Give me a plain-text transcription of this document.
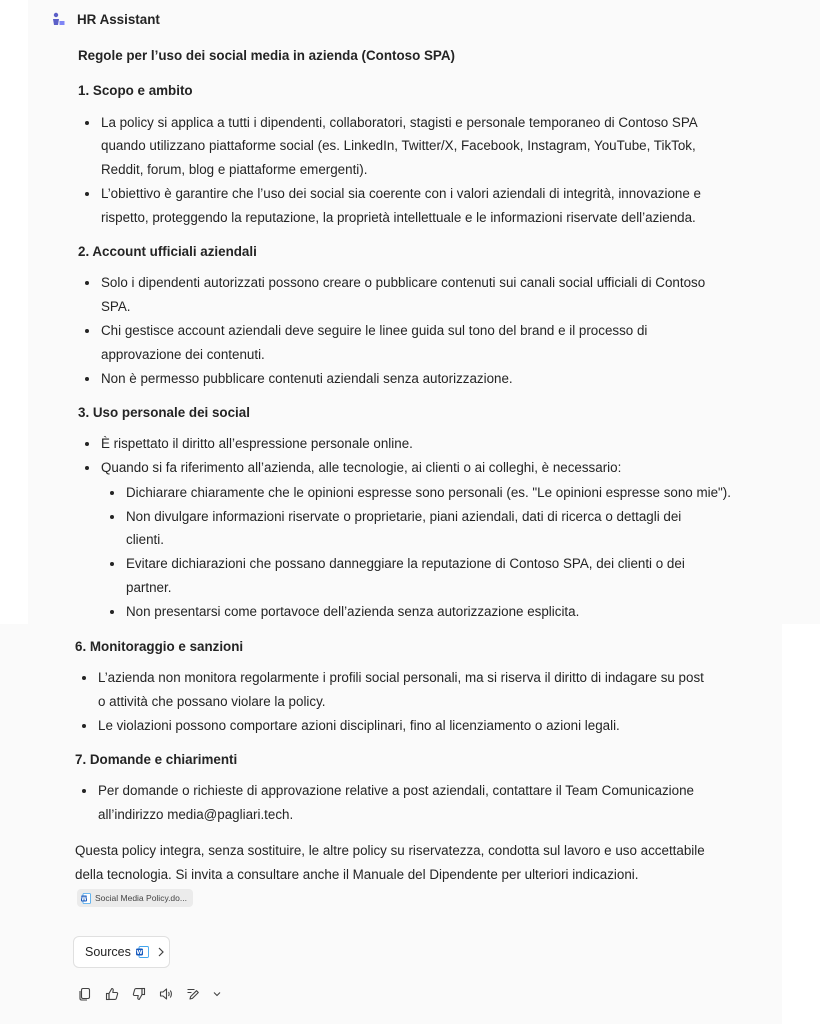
HR Assistant
Regole per l’uso dei social media in azienda (Contoso SPA)
1. Scopo e ambito
La policy si applica a tutti i dipendenti, collaboratori, stagisti e personale temporaneo di Contoso SPA
quando utilizzano piattaforme social (es. LinkedIn, Twitter/X, Facebook, Instagram, YouTube, TikTok,
Reddit, forum, blog e piattaforme emergenti).
L’obiettivo è garantire che l’uso dei social sia coerente con i valori aziendali di integrità, innovazione e
rispetto, proteggendo la reputazione, la proprietà intellettuale e le informazioni riservate dell’azienda.
2. Account ufficiali aziendali
Solo i dipendenti autorizzati possono creare o pubblicare contenuti sui canali social ufficiali di Contoso
SPA.
Chi gestisce account aziendali deve seguire le linee guida sul tono del brand e il processo di
approvazione dei contenuti.
Non è permesso pubblicare contenuti aziendali senza autorizzazione.
3. Uso personale dei social
È rispettato il diritto all’espressione personale online.
Quando si fa riferimento all’azienda, alle tecnologie, ai clienti o ai colleghi, è necessario:
Dichiarare chiaramente che le opinioni espresse sono personali (es. "Le opinioni espresse sono mie").
Non divulgare informazioni riservate o proprietarie, piani aziendali, dati di ricerca o dettagli dei
clienti.
Evitare dichiarazioni che possano danneggiare la reputazione di Contoso SPA, dei clienti o dei
partner.
Non presentarsi come portavoce dell’azienda senza autorizzazione esplicita.
6. Monitoraggio e sanzioni
L’azienda non monitora regolarmente i profili social personali, ma si riserva il diritto di indagare su post
o attività che possano violare la policy.
Le violazioni possono comportare azioni disciplinari, fino al licenziamento o azioni legali.
7. Domande e chiarimenti
Per domande o richieste di approvazione relative a post aziendali, contattare il Team Comunicazione
all’indirizzo media@pagliari.tech.
Questa policy integra, senza sostituire, le altre policy su riservatezza, condotta sul lavoro e uso accettabile
della tecnologia. Si invita a consultare anche il Manuale del Dipendente per ulteriori indicazioni.
W Social Media Policy.do...
Sources W
